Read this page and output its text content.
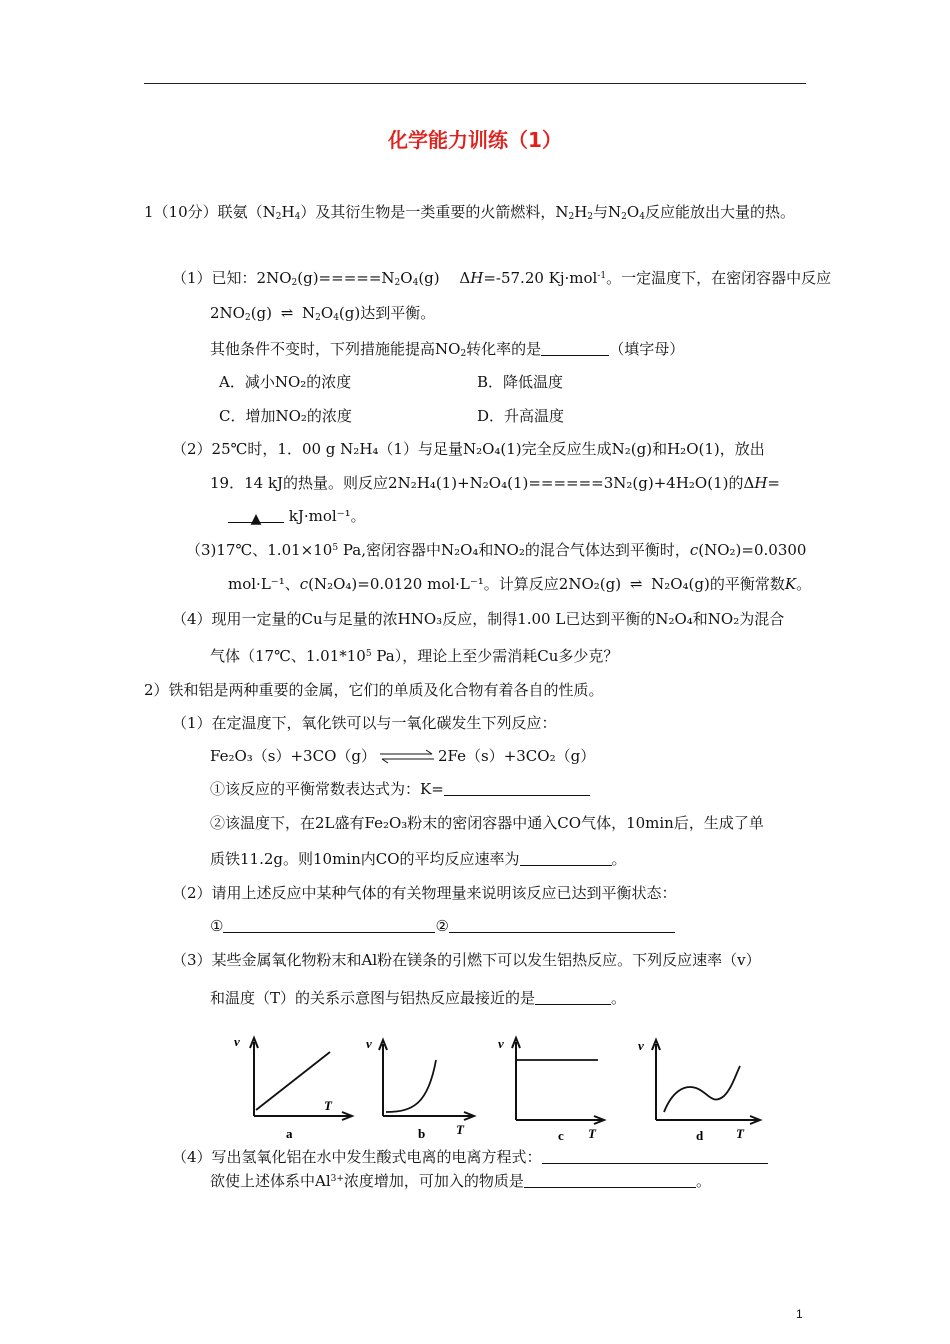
化学能力训练（1）
1（10分）联氨$(N_2H_4)$及其衍生物是一类重要的火箭燃料，$N_2H_2$与$N_2O_4$反应能放出大量的热。
（1）已知：$2NO_2(g)=====N_2O_4(g)$　 ΔH=-57.20 Kj·mol$^{-1}$。一定温度下，在密闭容器中反应
$2NO_2(g)$ ⇌ $N_2O_4(g)$达到平衡。
其他条件不变时，下列措施能提高$NO_2$转化率的是	（填字母）
A．减小NO₂的浓度	B．降低温度
C．增加NO₂的浓度	D．升高温度
（2）25℃时，1．00 g N₂H₄（1）与足量N₂O₄(1)完全反应生成N₂(g)和H₂O(1)，放出
19．14 kJ的热量。则反应2N₂H₄(1)+N₂O₄(1)======3N₂(g)+4H₂O(1)的ΔH=
▲ kJ·mol⁻¹。
（3)17℃、$1.01\times 10^5$ Pa,密闭容器中N₂O₄和NO₂的混合气体达到平衡时，c(NO₂)=0.0300
mol·L⁻¹、c(N₂O₄)=0.0120 mol·L⁻¹。计算反应2NO₂(g) ⇌ N₂O₄(g)的平衡常数K。
（4）现用一定量的Cu与足量的浓HNO₃反应，制得1.00 L已达到平衡的N₂O₄和NO₂为混合
气体（17℃、$1.01*10^5$ Pa），理论上至少需消耗Cu多少克？
2）铁和铝是两种重要的金属，它们的单质及化合物有着各自的性质。
（1）在定温度下，氧化铁可以与一氧化碳发生下列反应：
Fe₂O₃（s）+3CO（g）	2Fe（s）+3CO₂（g）
①该反应的平衡常数表达式为：K=
②该温度下，在2L盛有Fe₂O₃粉末的密闭容器中通入CO气体，10min后，生成了单
质铁11.2g。则10min内CO的平均反应速率为	。
（2）请用上述反应中某种气体的有关物理量来说明该反应已达到平衡状态：
①	②
（3）某些金属氧化物粉末和Al粉在镁条的引燃下可以发生铝热反应。下列反应速率（v）
和温度（T）的关系示意图与铝热反应最接近的是	。
v
T
a
v
T
b
v
T
c
v
T
d
（4）写出氢氧化铝在水中发生酸式电离的电离方程式：
欲使上述体系中$Al^{3+}$浓度增加，可加入的物质是	。
1
